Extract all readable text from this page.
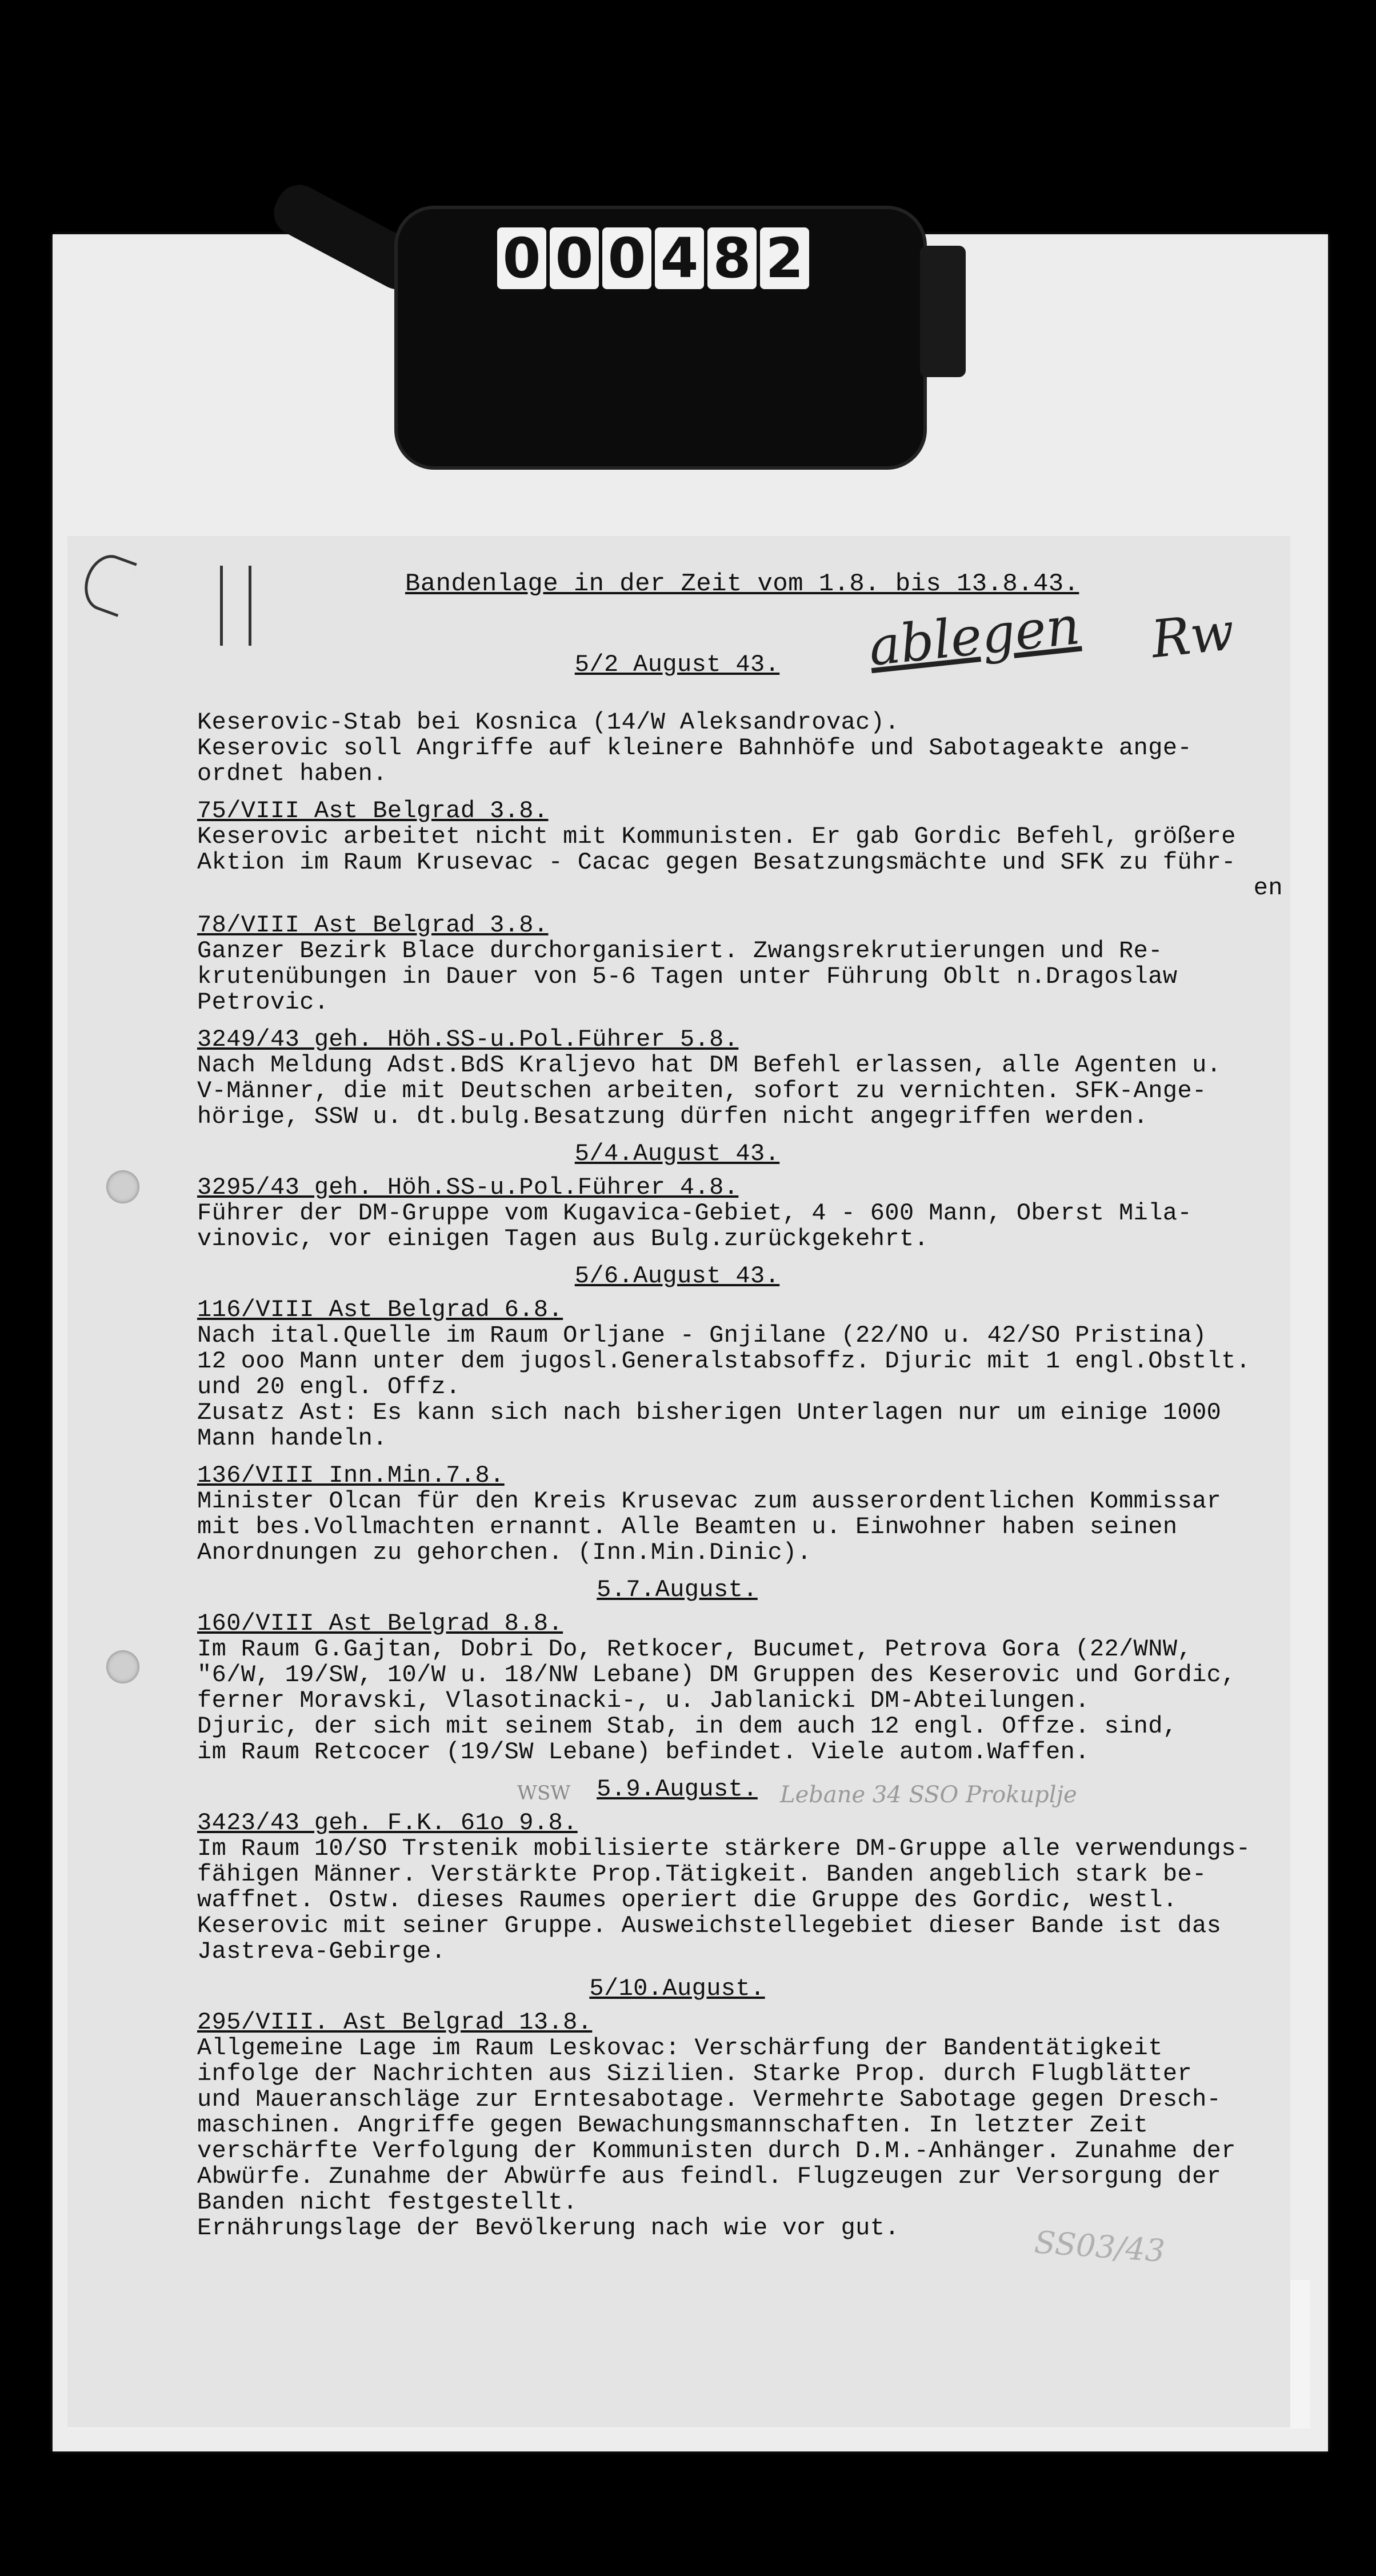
0 0 0 4 8 2
ablegen Rw
WSW	Lebane 34 SSO Prokuplje
SS03/43
Bandenlage in der Zeit vom 1.8. bis 13.8.43.
5/2 August 43.
Keserovic-Stab bei Kosnica (14/W Aleksandrovac).
Keserovic soll Angriffe auf kleinere Bahnhöfe und Sabotageakte ange-
ordnet haben.
75/VIII Ast Belgrad 3.8.
Keserovic arbeitet nicht mit Kommunisten. Er gab Gordic Befehl, größere
Aktion im Raum Krusevac - Cacac gegen Besatzungsmächte und SFK zu führ-
en
78/VIII Ast Belgrad 3.8.
Ganzer Bezirk Blace durchorganisiert. Zwangsrekrutierungen und Re-
krutenübungen in Dauer von 5-6 Tagen unter Führung Oblt n.Dragoslaw
Petrovic.
3249/43 geh. Höh.SS-u.Pol.Führer 5.8.
Nach Meldung Adst.BdS Kraljevo hat DM Befehl erlassen, alle Agenten u.
V-Männer, die mit Deutschen arbeiten, sofort zu vernichten. SFK-Ange-
hörige, SSW u. dt.bulg.Besatzung dürfen nicht angegriffen werden.
5/4.August 43.
3295/43 geh. Höh.SS-u.Pol.Führer 4.8.
Führer der DM-Gruppe vom Kugavica-Gebiet, 4 - 600 Mann, Oberst Mila-
vinovic, vor einigen Tagen aus Bulg.zurückgekehrt.
5/6.August 43.
116/VIII Ast Belgrad 6.8.
Nach ital.Quelle im Raum Orljane - Gnjilane (22/NO u. 42/SO Pristina)
12 ooo Mann unter dem jugosl.Generalstabsoffz. Djuric mit 1 engl.Obstlt.
und 20 engl. Offz.
Zusatz Ast: Es kann sich nach bisherigen Unterlagen nur um einige 1000
Mann handeln.
136/VIII Inn.Min.7.8.
Minister Olcan für den Kreis Krusevac zum ausserordentlichen Kommissar
mit bes.Vollmachten ernannt. Alle Beamten u. Einwohner haben seinen
Anordnungen zu gehorchen. (Inn.Min.Dinic).
5.7.August.
160/VIII Ast Belgrad 8.8.
Im Raum G.Gajtan, Dobri Do, Retkocer, Bucumet, Petrova Gora (22/WNW,
"6/W, 19/SW, 10/W u. 18/NW Lebane) DM Gruppen des Keserovic und Gordic,
ferner Moravski, Vlasotinacki-, u. Jablanicki DM-Abteilungen.
Djuric, der sich mit seinem Stab, in dem auch 12 engl. Offze. sind,
im Raum Retcocer (19/SW Lebane) befindet. Viele autom.Waffen.
5.9.August.
3423/43 geh. F.K. 61o 9.8.
Im Raum 10/SO Trstenik mobilisierte stärkere DM-Gruppe alle verwendungs-
fähigen Männer. Verstärkte Prop.Tätigkeit. Banden angeblich stark be-
waffnet. Ostw. dieses Raumes operiert die Gruppe des Gordic, westl.
Keserovic mit seiner Gruppe. Ausweichstellegebiet dieser Bande ist das
Jastreva-Gebirge.
5/10.August.
295/VIII. Ast Belgrad 13.8.
Allgemeine Lage im Raum Leskovac: Verschärfung der Bandentätigkeit
infolge der Nachrichten aus Sizilien. Starke Prop. durch Flugblätter
und Maueranschläge zur Erntesabotage. Vermehrte Sabotage gegen Dresch-
maschinen. Angriffe gegen Bewachungsmannschaften. In letzter Zeit
verschärfte Verfolgung der Kommunisten durch D.M.-Anhänger. Zunahme der
Abwürfe. Zunahme der Abwürfe aus feindl. Flugzeugen zur Versorgung der
Banden nicht festgestellt.
Ernährungslage der Bevölkerung nach wie vor gut.
